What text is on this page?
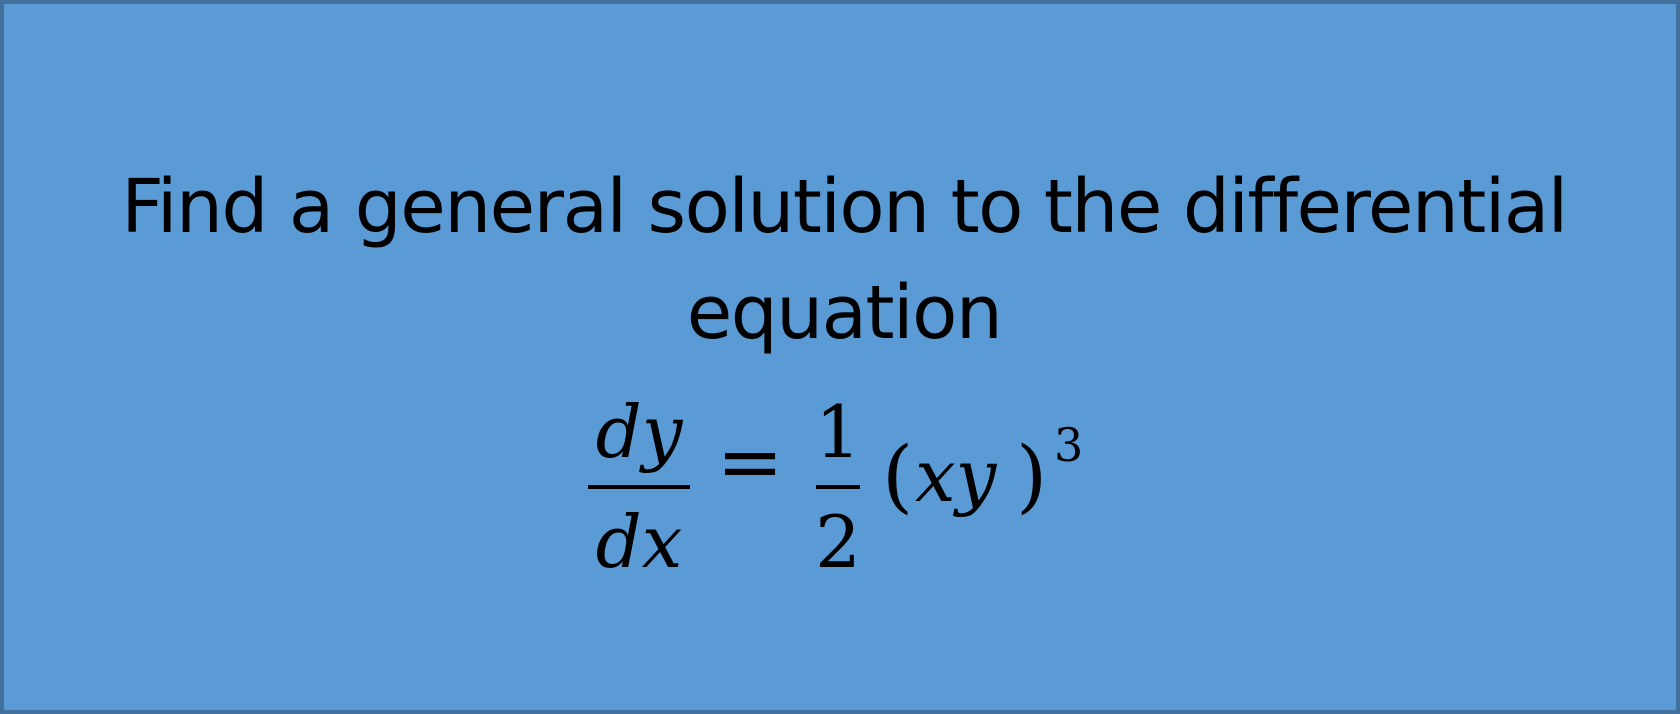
Find a general solution to the differential
equation
dy
dx
= 1
2
( xy ) 3
